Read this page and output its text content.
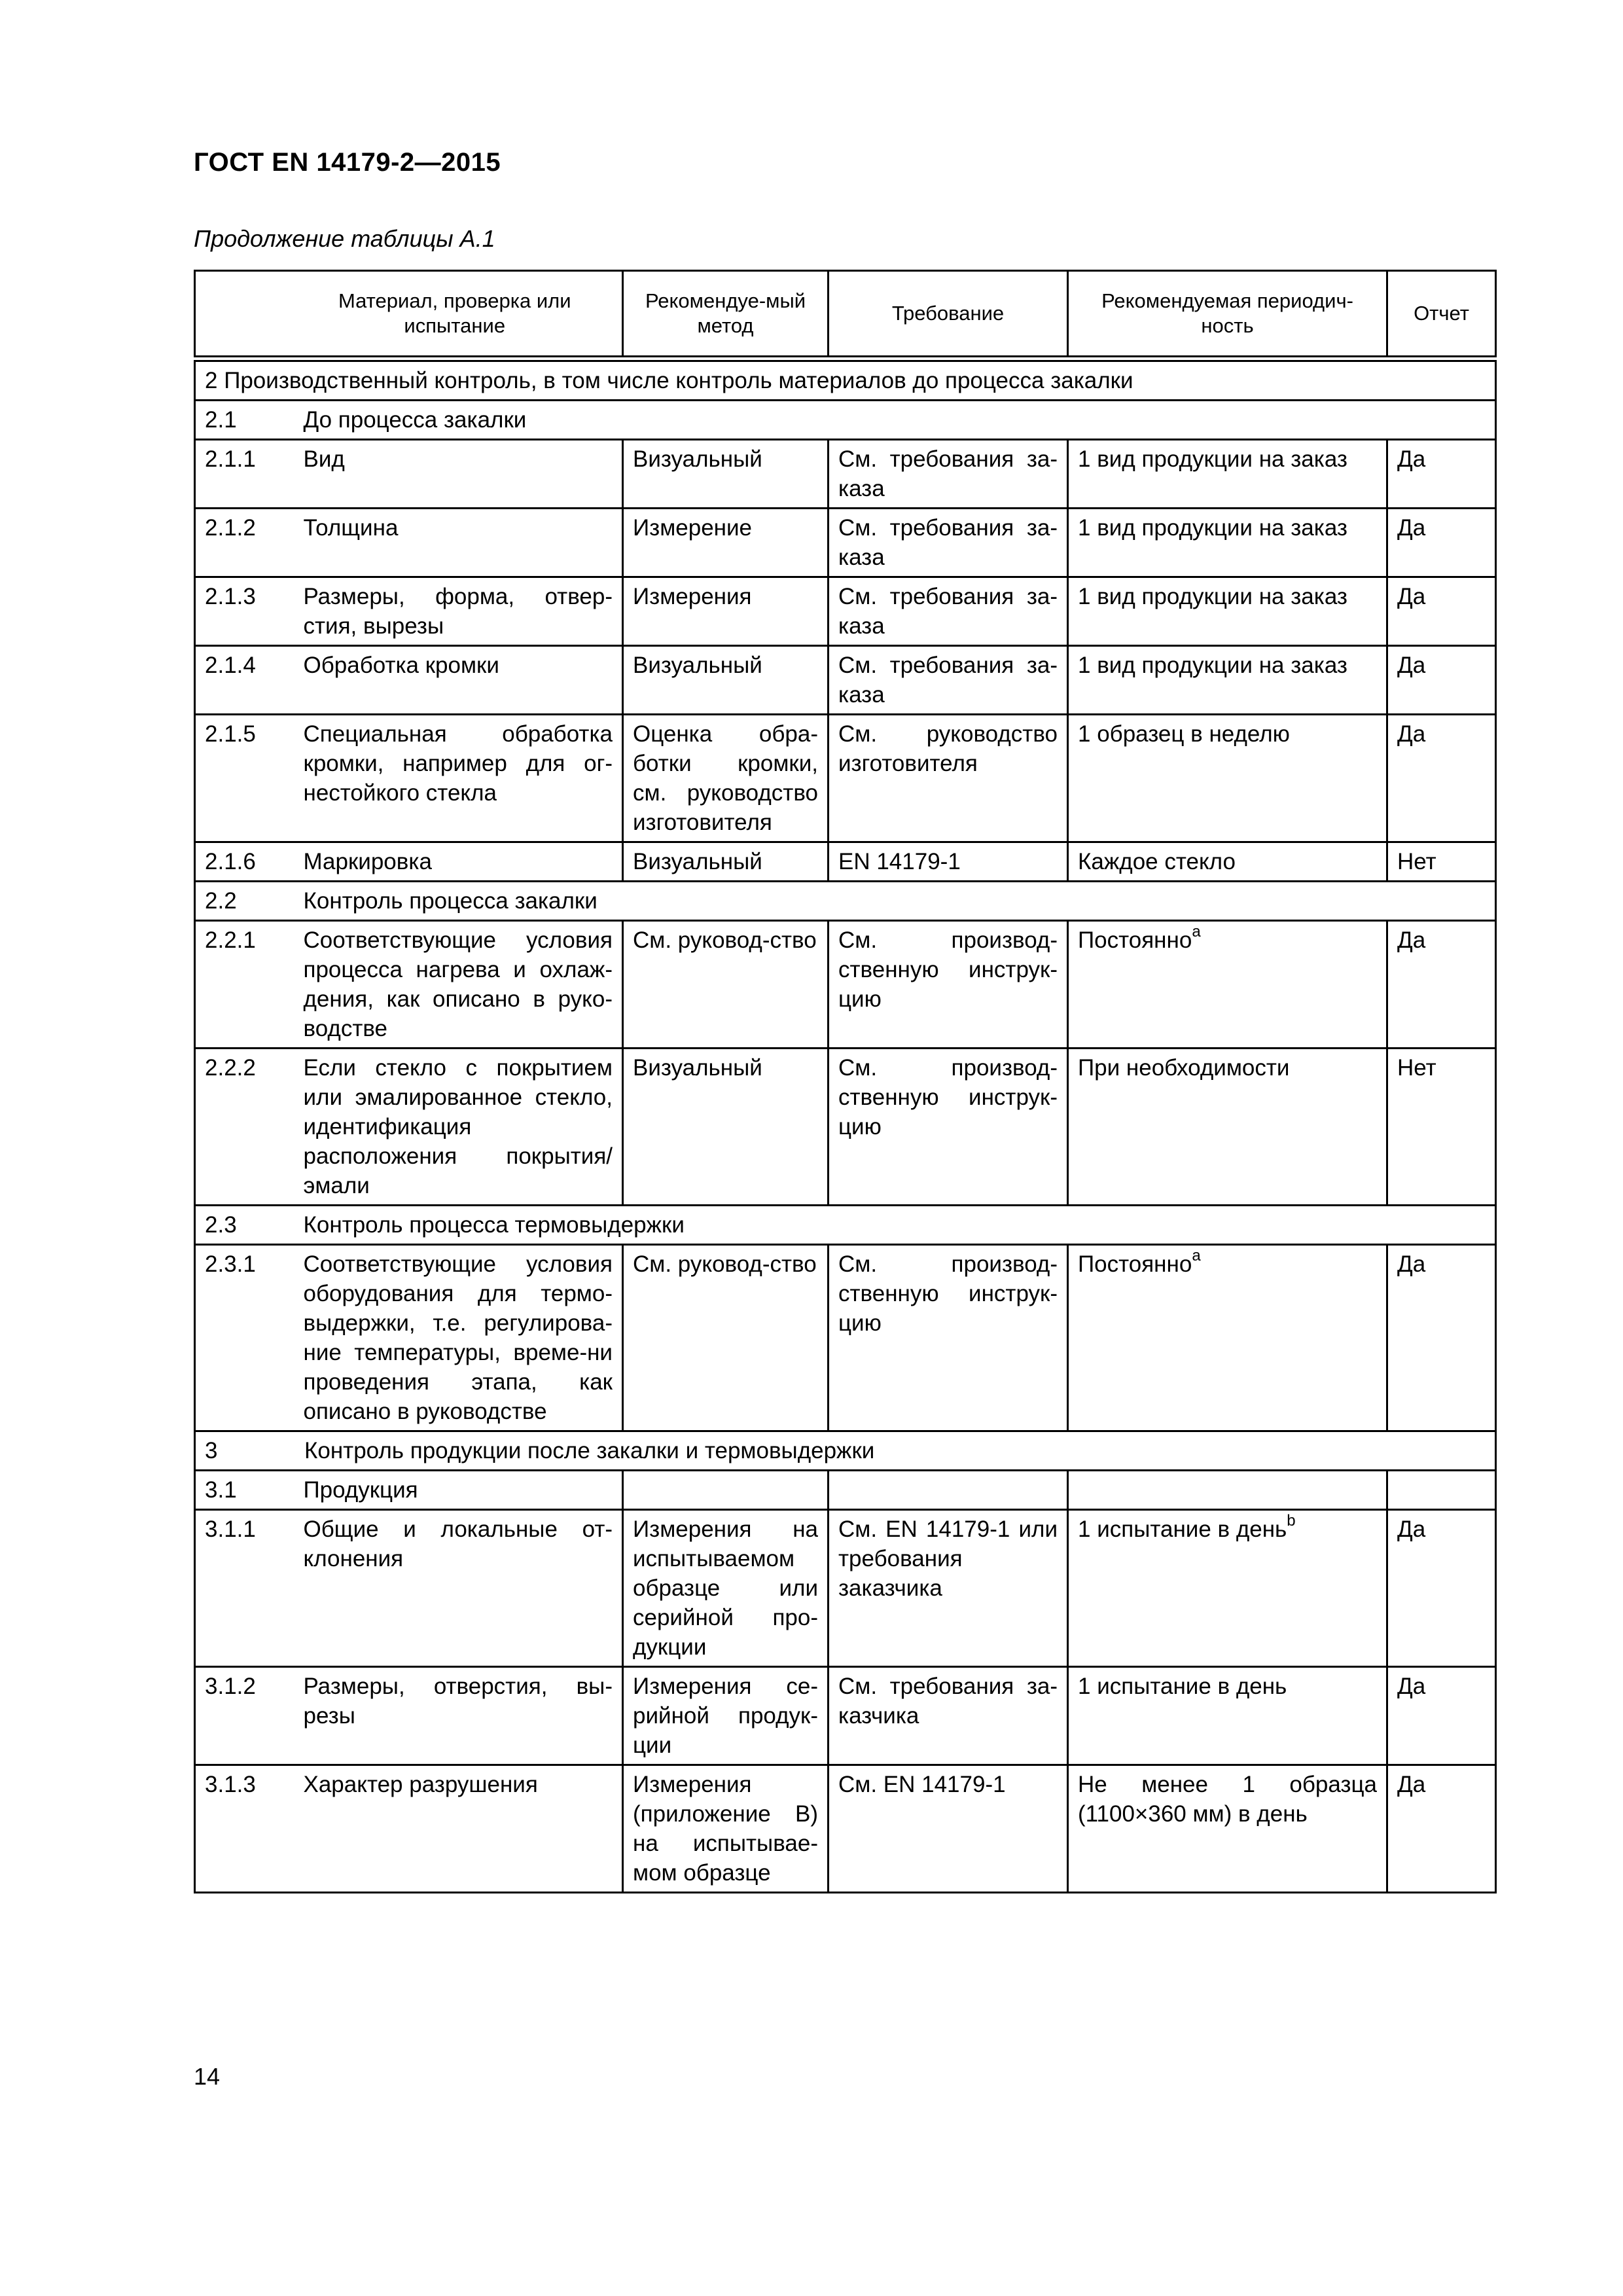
ГОСТ EN 14179-2—2015
Продолжение таблицы А.1
	Материал, проверка или испытание	Рекомендуе-мый метод	Требование	Рекомендуемая периодич-ность	Отчет
2 Производственный контроль, в том числе контроль материалов до процесса закалки					
2.1	До процесса закалки				
2.1.1	Вид	Визуальный	См. требования за-каза	1 вид продукции на заказ	Да
2.1.2	Толщина	Измерение	См. требования за-каза	1 вид продукции на заказ	Да
2.1.3	Размеры, форма, отвер-стия, вырезы	Измерения	См. требования за-каза	1 вид продукции на заказ	Да
2.1.4	Обработка кромки	Визуальный	См. требования за-каза	1 вид продукции на заказ	Да
2.1.5	Специальная обработка кромки, например для ог-нестойкого стекла	Оценка обра-ботки кромки, см. руководство изготовителя	См. руководство изготовителя	1 образец в неделю	Да
2.1.6	Маркировка	Визуальный	EN 14179-1	Каждое стекло	Нет
2.2	Контроль процесса закалки				
2.2.1	Соответствующие условия процесса нагрева и охлаж-дения, как описано в руко-водстве	См. руковод-ство	См. производ-ственную инструк-цию	Постоянно$^a$	Да
2.2.2	Если стекло с покрытием или эмалированное стекло, идентификация расположения покрытия/ эмали	Визуальный	См. производ-ственную инструк-цию	При необходимости	Нет
2.3	Контроль процесса термовыдержки				
2.3.1	Соответствующие условия оборудования для термо-выдержки, т.е. регулирова-ние температуры, време-ни проведения этапа, как описано в руководстве	См. руковод-ство	См. производ-ственную инструк-цию	Постоянно$^a$	Да
3 Контроль продукции после закалки и термовыдержки					
3.1	Продукция				
3.1.1	Общие и локальные от-клонения	Измерения на испытываемом образце или серийной про-дукции	См. EN 14179-1 или требования заказчика	1 испытание в день$^b$	Да
3.1.2	Размеры, отверстия, вы-резы	Измерения се-рийной продук-ции	См. требования за-казчика	1 испытание в день	Да
3.1.3	Характер разрушения	Измерения (приложение В) на испытывае-мом образце	См. EN 14179-1	Не менее 1 образца (1100×360 мм) в день	Да
14
